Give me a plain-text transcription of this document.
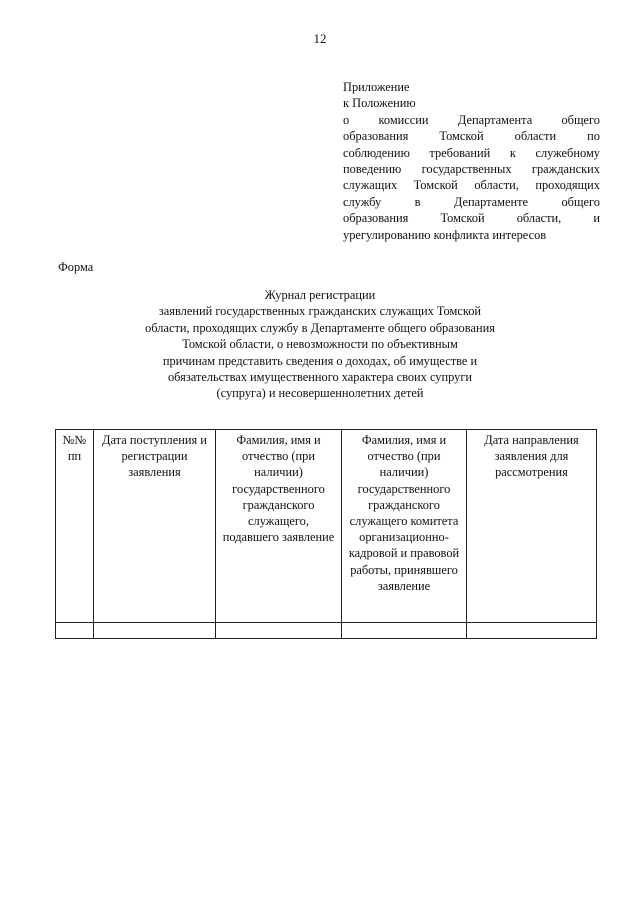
12
Приложение
к Положению
о комиссии Департамента общего
образования Томской области по
соблюдению требований к служебному
поведению государственных гражданских
служащих Томской области, проходящих
службу в Департаменте общего
образования Томской области, и
урегулированию конфликта интересов
Форма
Журнал регистрации
заявлений государственных гражданских служащих Томской
области, проходящих службу в Департаменте общего образования
Томской области, о невозможности по объективным
причинам представить сведения о доходах, об имуществе и
обязательствах имущественного характера своих супруги
(супруга) и несовершеннолетних детей
№№ пп	Дата поступления и регистрации заявления	Фамилия, имя и отчество (при наличии) государственного гражданского служащего, подавшего заявление	Фамилия, имя и отчество (при наличии) государственного гражданского служащего комитета организационно-кадровой и правовой работы, принявшего заявление	Дата направления заявления для рассмотрения
